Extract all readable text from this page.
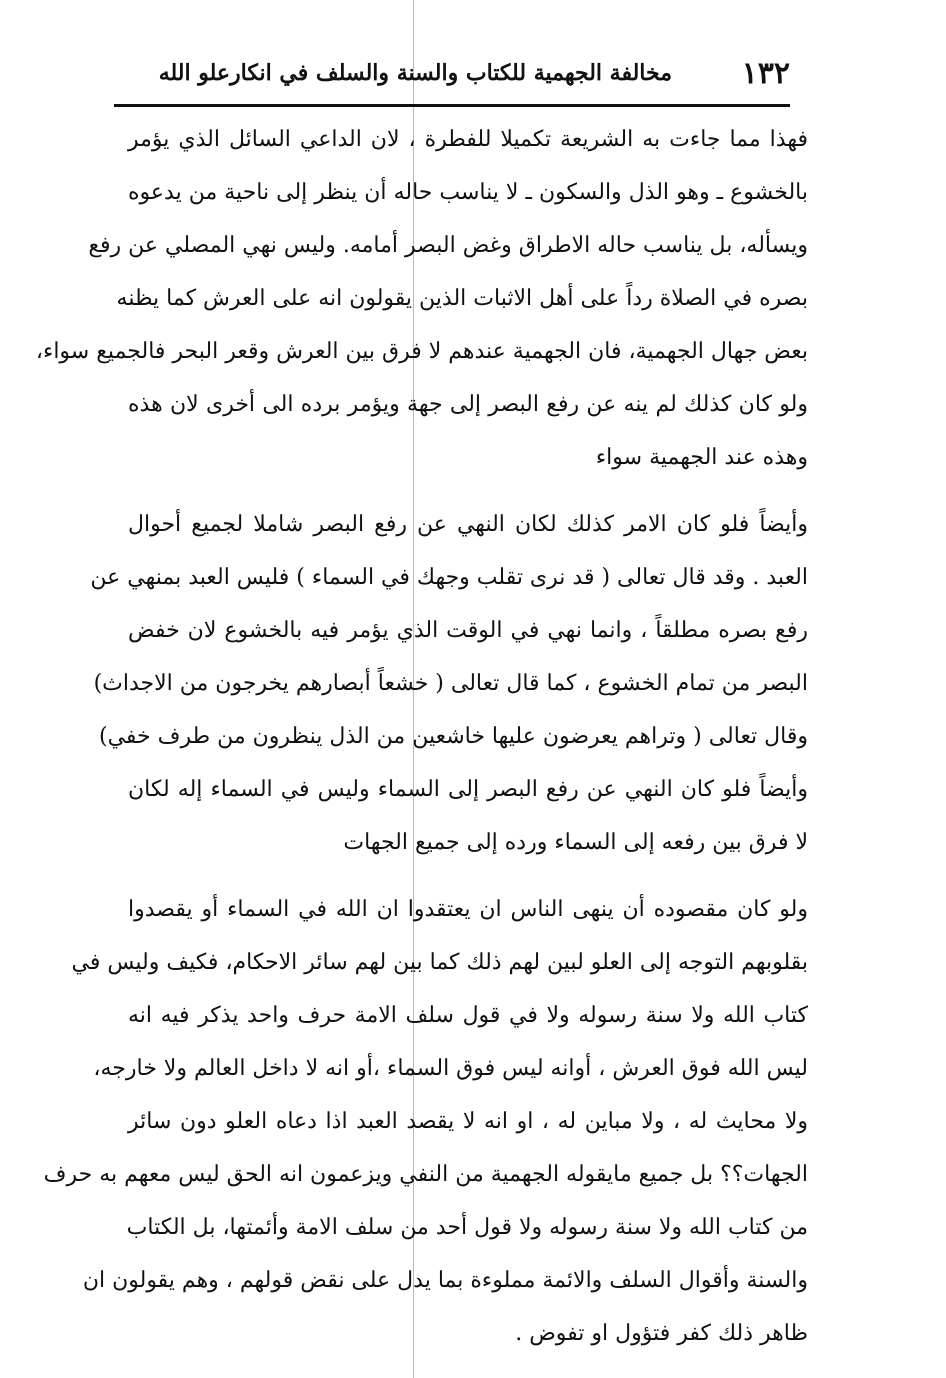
١٣٢
مخالفة الجهمية للكتاب والسنة والسلف في انكارعلو الله
فهذا مما جاءت به الشريعة تكميلا للفطرة ، لان الداعي السائل الذي يؤمر
بالخشوع ـ وهو الذل والسكون ـ لا يناسب حاله أن ينظر إلى ناحية من يدعوه
ويسأله، بل يناسب حاله الاطراق وغض البصر أمامه. وليس نهي المصلي عن رفع
بصره في الصلاة رداً على أهل الاثبات الذين يقولون انه على العرش كما يظنه
بعض جهال الجهمية، فان الجهمية عندهم لا فرق بين العرش وقعر البحر فالجميع سواء،
ولو كان كذلك لم ينه عن رفع البصر إلى جهة ويؤمر برده الى أخرى لان هذه
وهذه عند الجهمية سواء
وأيضاً فلو كان الامر كذلك لكان النهي عن رفع البصر شاملا لجميع أحوال
العبد . وقد قال تعالى ( قد نرى تقلب وجهك في السماء ) فليس العبد بمنهي عن
رفع بصره مطلقاً ، وانما نهي في الوقت الذي يؤمر فيه بالخشوع لان خفض
البصر من تمام الخشوع ، كما قال تعالى ( خشعاً أبصارهم يخرجون من الاجداث)
وقال تعالى ( وتراهم يعرضون عليها خاشعين من الذل ينظرون من طرف خفي)
وأيضاً فلو كان النهي عن رفع البصر إلى السماء وليس في السماء إله لكان
لا فرق بين رفعه إلى السماء ورده إلى جميع الجهات
ولو كان مقصوده أن ينهى الناس ان يعتقدوا ان الله في السماء أو يقصدوا
بقلوبهم التوجه إلى العلو لبين لهم ذلك كما بين لهم سائر الاحكام، فكيف وليس في
كتاب الله ولا سنة رسوله ولا في قول سلف الامة حرف واحد يذكر فيه انه
ليس الله فوق العرش ، أوانه ليس فوق السماء ،أو انه لا داخل العالم ولا خارجه،
ولا محايث له ، ولا مباين له ، او انه لا يقصد العبد اذا دعاه العلو دون سائر
الجهات؟؟ بل جميع مايقوله الجهمية من النفي ويزعمون انه الحق ليس معهم به حرف
من كتاب الله ولا سنة رسوله ولا قول أحد من سلف الامة وأئمتها، بل الكتاب
والسنة وأقوال السلف والائمة مملوءة بما يدل على نقض قولهم ، وهم يقولون ان
ظاهر ذلك كفر فتؤول او تفوض .
